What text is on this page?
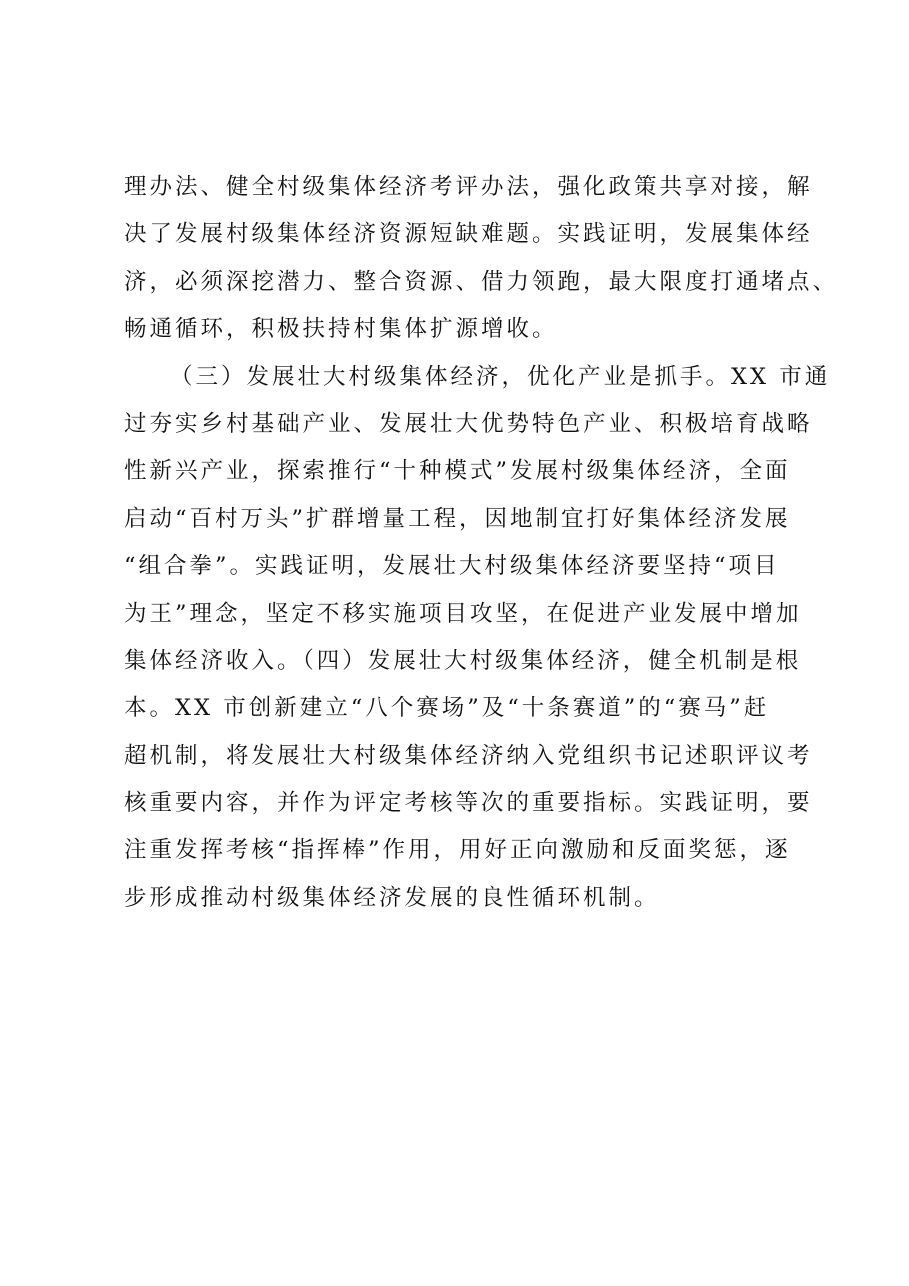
理办法、健全村级集体经济考评办法，强化政策共享对接，解
决了发展村级集体经济资源短缺难题。实践证明，发展集体经
济，必须深挖潜力、整合资源、借力领跑，最大限度打通堵点、
畅通循环，积极扶持村集体扩源增收。
（三）发展壮大村级集体经济，优化产业是抓手。XX 市通
过夯实乡村基础产业、发展壮大优势特色产业、积极培育战略
性新兴产业，探索推行“十种模式”发展村级集体经济，全面
启动“百村万头”扩群增量工程，因地制宜打好集体经济发展
“组合拳”。实践证明，发展壮大村级集体经济要坚持“项目
为王”理念，坚定不移实施项目攻坚，在促进产业发展中增加
集体经济收入。（四）发展壮大村级集体经济，健全机制是根
本。XX 市创新建立“八个赛场”及“十条赛道”的“赛马”赶
超机制，将发展壮大村级集体经济纳入党组织书记述职评议考
核重要内容，并作为评定考核等次的重要指标。实践证明，要
注重发挥考核“指挥棒”作用，用好正向激励和反面奖惩，逐
步形成推动村级集体经济发展的良性循环机制。
